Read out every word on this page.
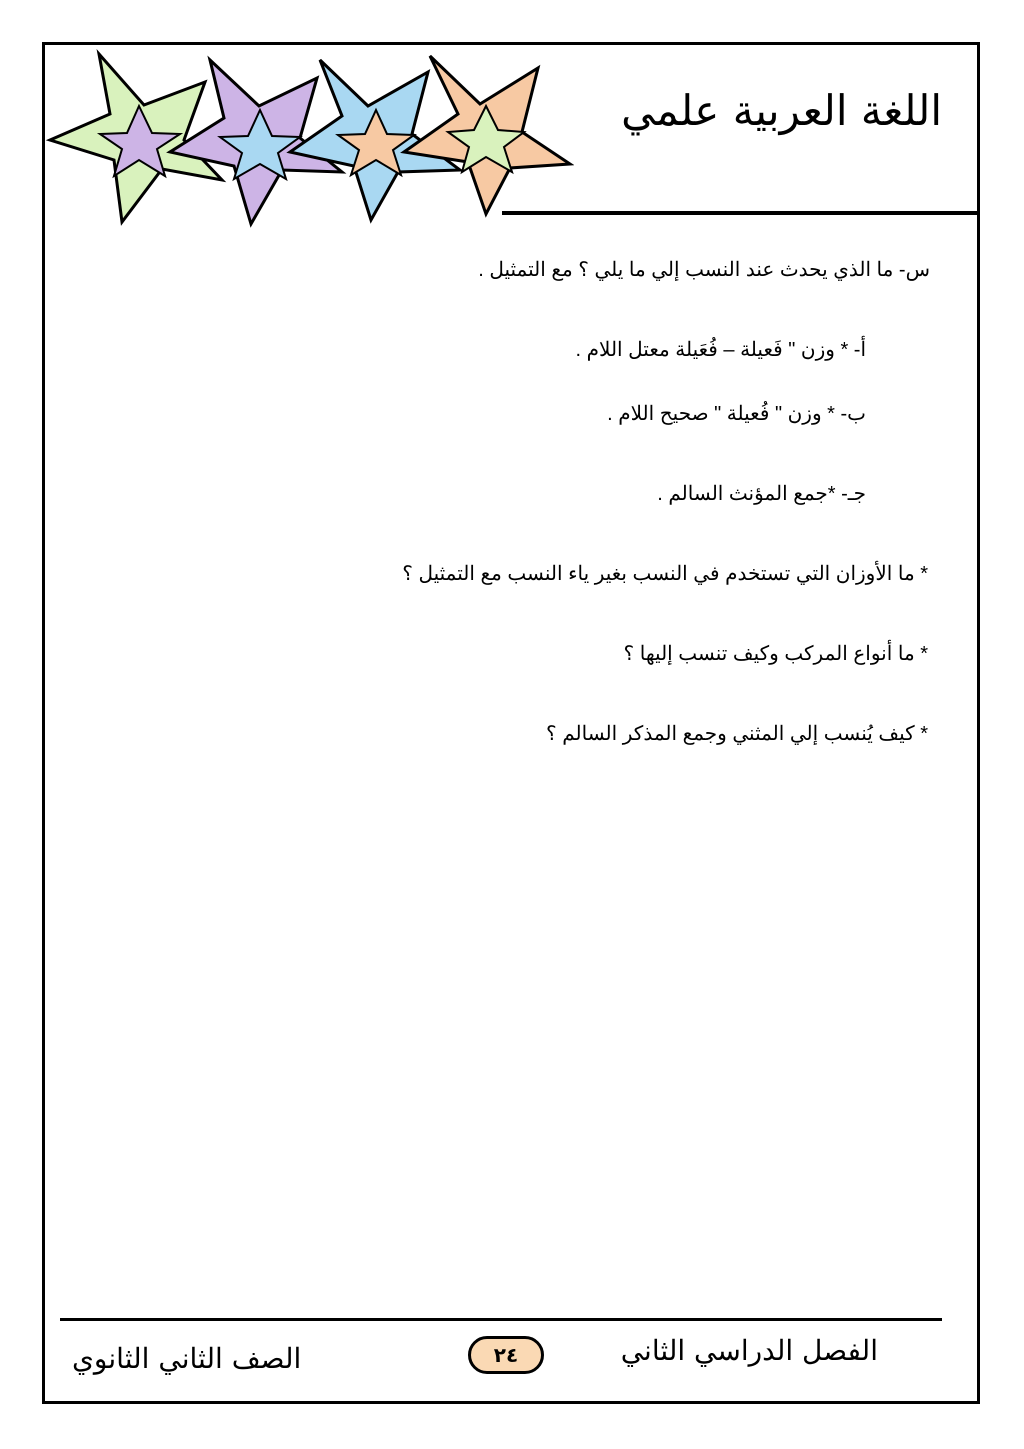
اللغة العربية علمي
س- ما الذي يحدث عند النسب إلي ما يلي ؟ مع التمثيل .
أ- * وزن " فَعيلة – فُعَيلة معتل اللام .
ب- * وزن " فُعيلة " صحيح اللام .
جـ- *جمع المؤنث السالم .
* ما الأوزان التي تستخدم في النسب بغير ياء النسب مع التمثيل ؟
* ما أنواع المركب وكيف تنسب إليها ؟
* كيف يُنسب إلي المثني وجمع المذكر السالم ؟
الفصل الدراسي الثاني
٢٤
الصف الثاني الثانوي
